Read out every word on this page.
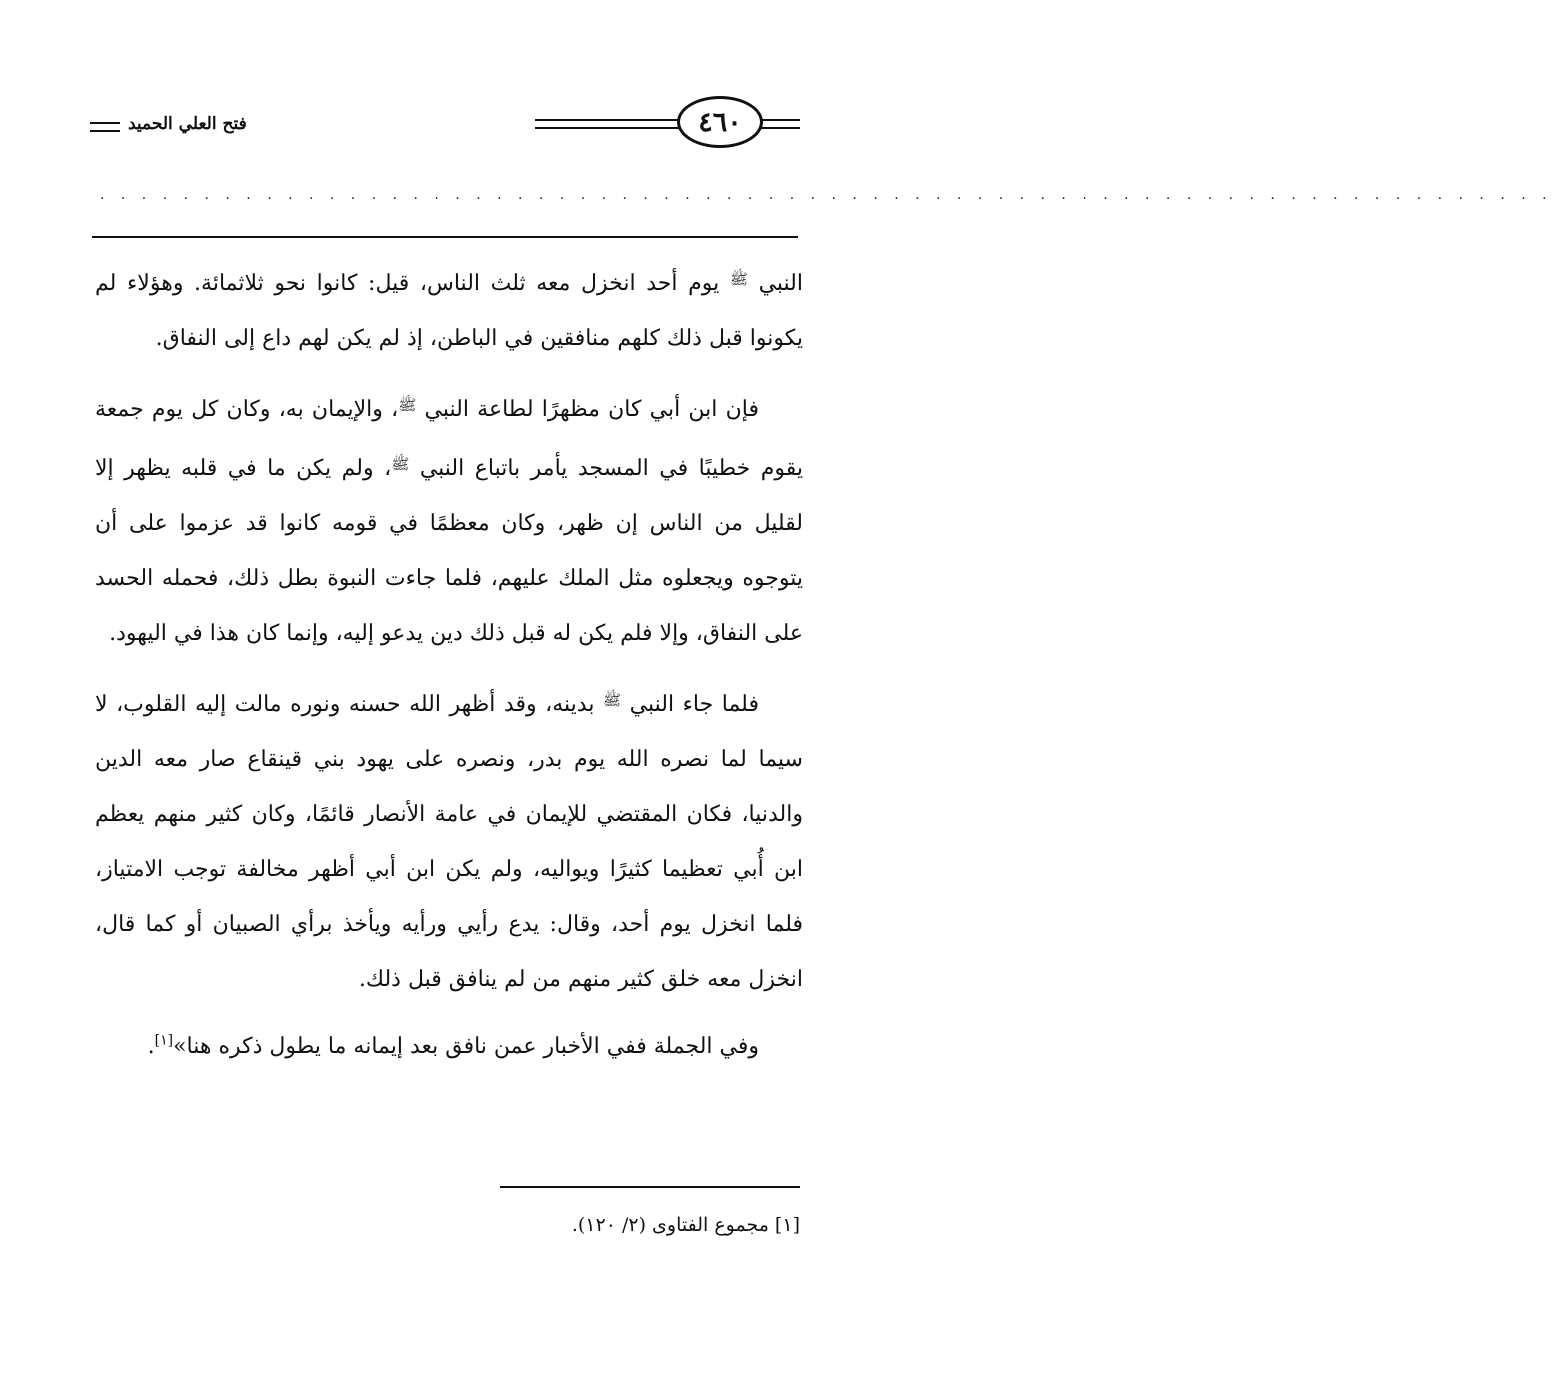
فتح العلي الحميد	٤٦٠
. . . . . . . . . . . . . . . . . . . . . . . . . . . . . . . . . . . . . . . . . . . . . . . . . . . . . . . . . . . . . . . . . . . . . .

النبي $^ﷺ$ يوم أحد انخزل معه ثلث الناس، قيل: كانوا نحو ثلاثمائة. وهؤلاء لم يكونوا قبل ذلك كلهم منافقين في الباطن، إذ لم يكن لهم داع إلى النفاق.

فإن ابن أبي كان مظهرًا لطاعة النبي $^ﷺ$، والإيمان به، وكان كل يوم جمعة يقوم خطيبًا في المسجد يأمر باتباع النبي $^ﷺ$، ولم يكن ما في قلبه يظهر إلا لقليل من الناس إن ظهر، وكان معظمًا في قومه كانوا قد عزموا على أن يتوجوه ويجعلوه مثل الملك عليهم، فلما جاءت النبوة بطل ذلك، فحمله الحسد على النفاق، وإلا فلم يكن له قبل ذلك دين يدعو إليه، وإنما كان هذا في اليهود.

فلما جاء النبي $^ﷺ$ بدينه، وقد أظهر الله حسنه ونوره مالت إليه القلوب، لا سيما لما نصره الله يوم بدر، ونصره على يهود بني قينقاع صار معه الدين والدنيا، فكان المقتضي للإيمان في عامة الأنصار قائمًا، وكان كثير منهم يعظم ابن أُبي تعظيما كثيرًا ويواليه، ولم يكن ابن أبي أظهر مخالفة توجب الامتياز، فلما انخزل يوم أحد، وقال: يدع رأيي ورأيه ويأخذ برأي الصبيان أو كما قال، انخزل معه خلق كثير منهم من لم ينافق قبل ذلك.

وفي الجملة ففي الأخبار عمن نافق بعد إيمانه ما يطول ذكره هنا»[١].

[١] مجموع الفتاوى (٢/ ١٢٠).
